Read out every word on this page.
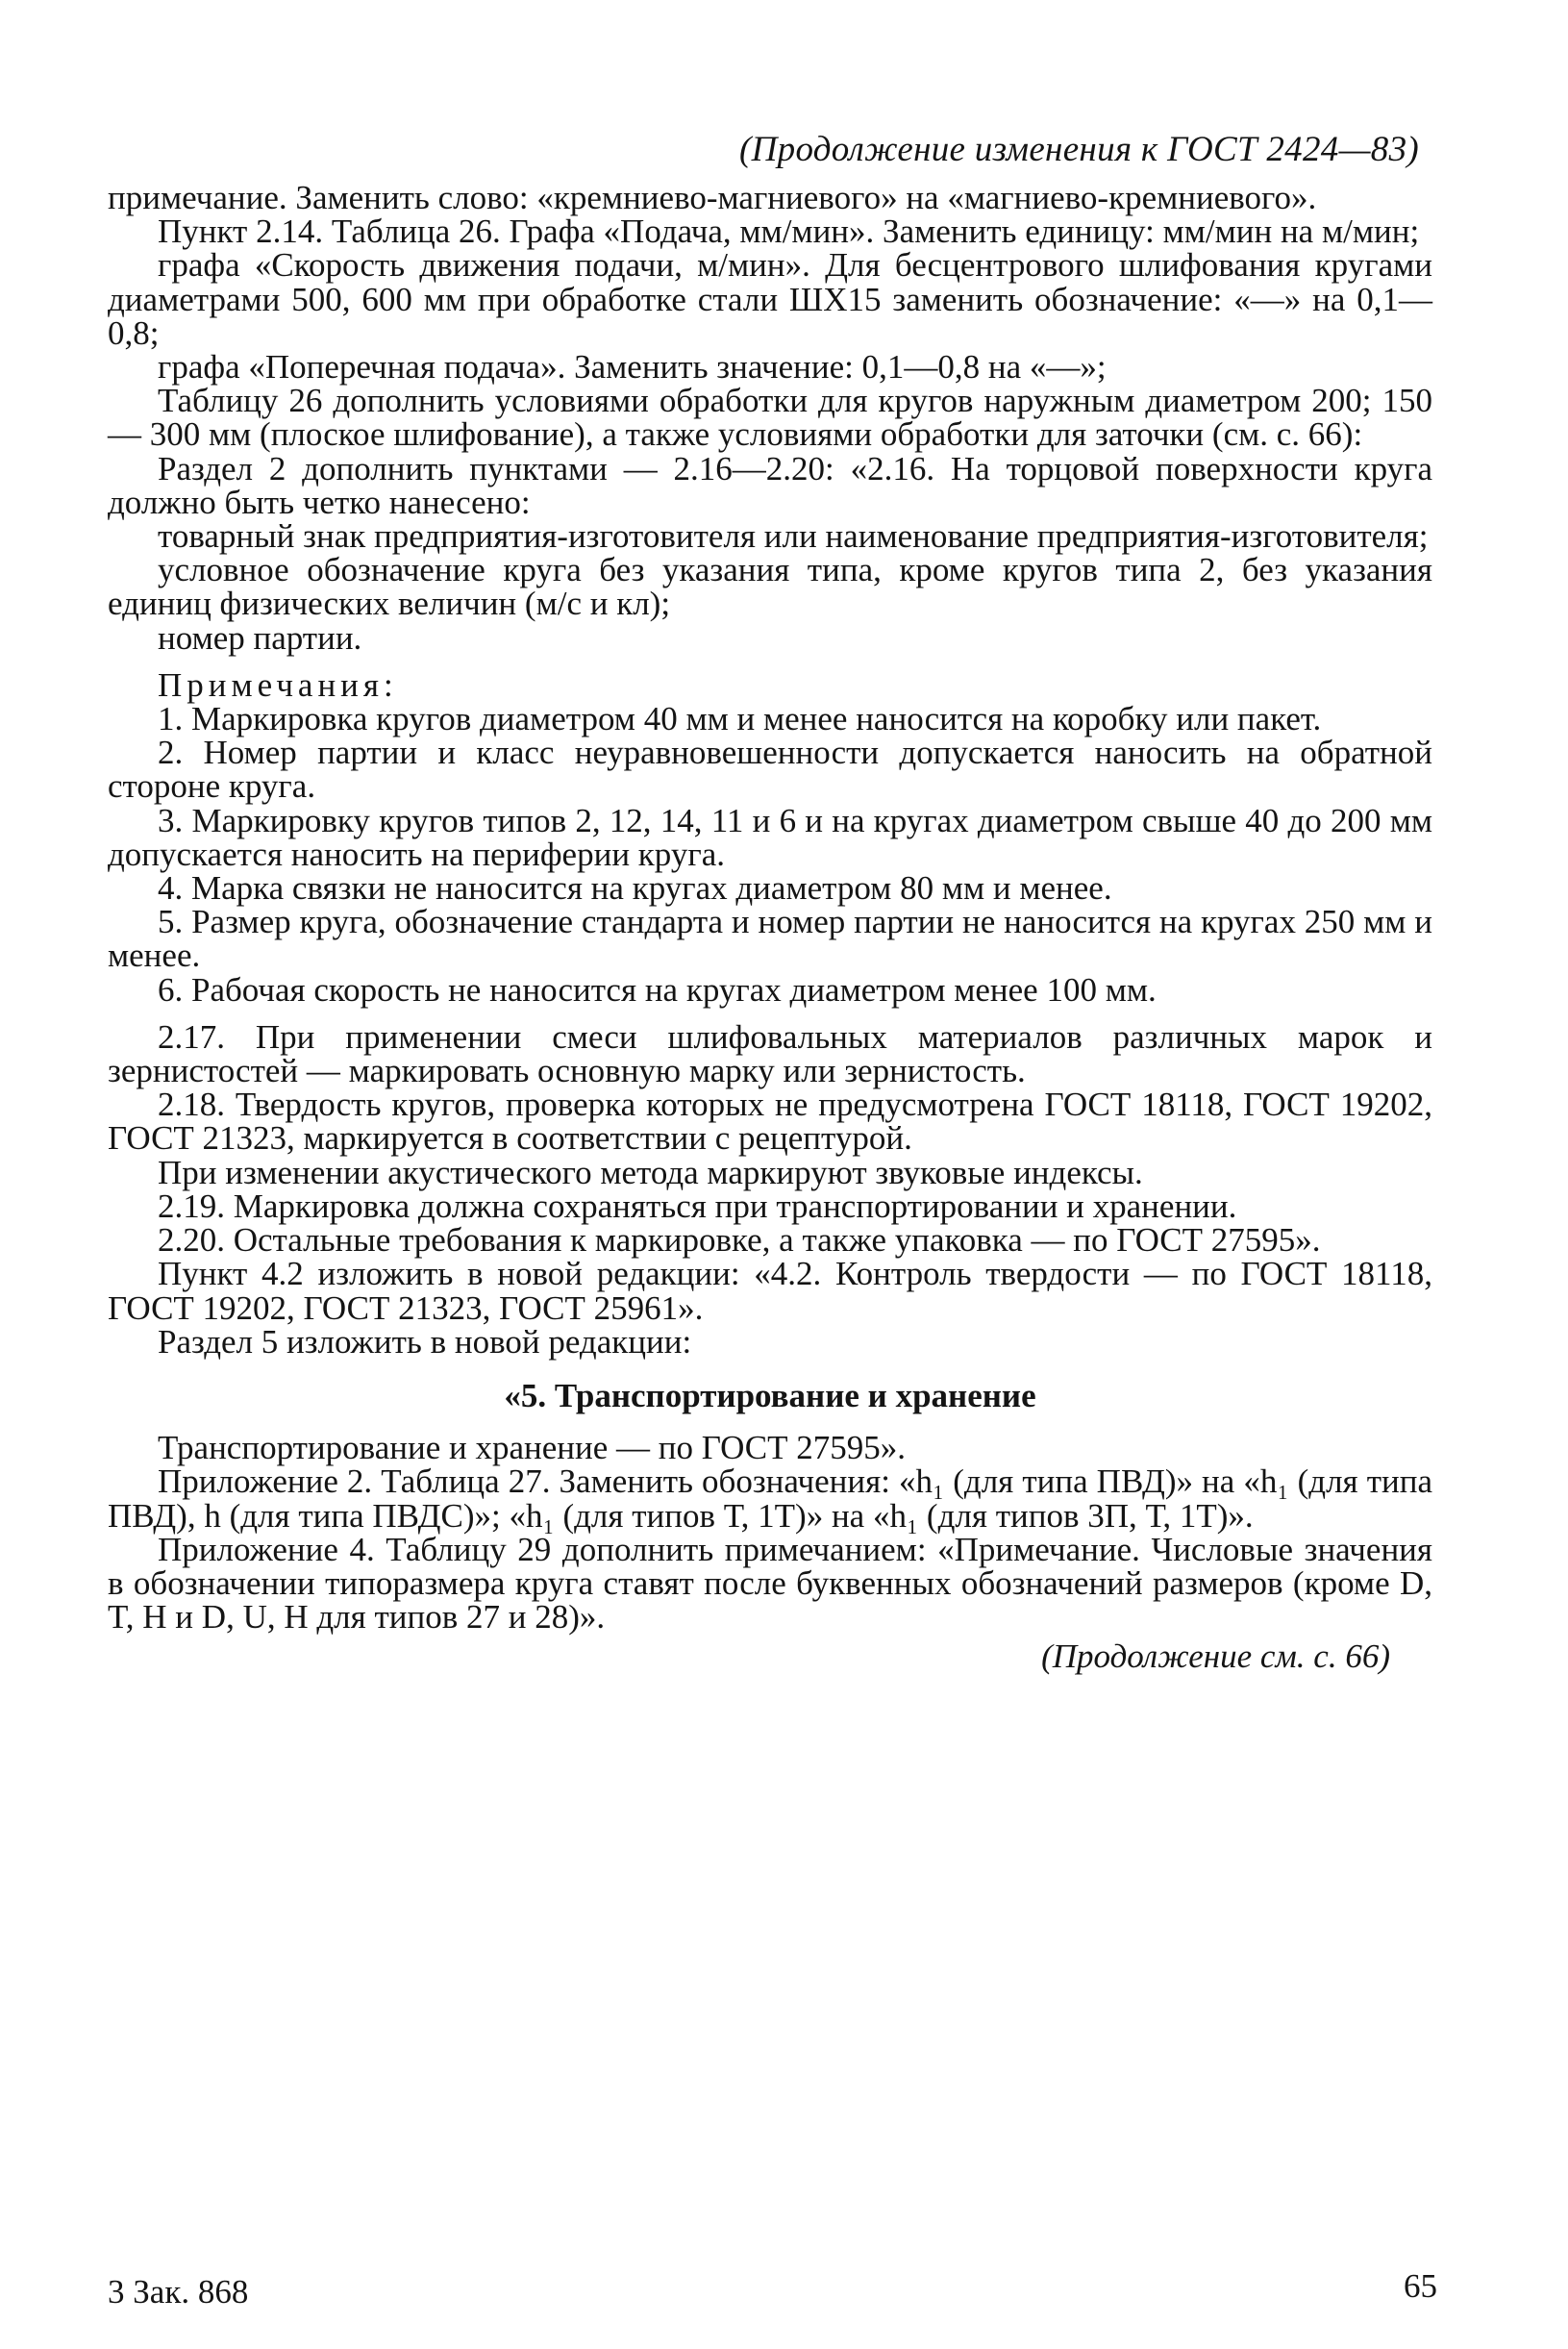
(Продолжение изменения к ГОСТ 2424—83)

примечание. Заменить слово: «кремниево-магниевого» на «магниево-кремниевого».

Пункт 2.14. Таблица 26. Графа «Подача, мм/мин». Заменить единицу: мм/мин на м/мин;

графа «Скорость движения подачи, м/мин». Для бесцентрового шлифования кругами диаметрами 500, 600 мм при обработке стали ШХ15 заменить обозначение: «—» на 0,1—0,8;

графа «Поперечная подача». Заменить значение: 0,1—0,8 на «—»;

Таблицу 26 дополнить условиями обработки для кругов наружным диаметром 200; 150 — 300 мм (плоское шлифование), а также условиями обработки для заточки (см. с. 66):

Раздел 2 дополнить пунктами — 2.16—2.20: «2.16. На торцовой поверхности круга должно быть четко нанесено:

товарный знак предприятия-изготовителя или наименование предприятия-изготовителя;

условное обозначение круга без указания типа, кроме кругов типа 2, без указания единиц физических величин (м/с и кл);

номер партии.

Примечания:

1. Маркировка кругов диаметром 40 мм и менее наносится на коробку или пакет.

2. Номер партии и класс неуравновешенности допускается наносить на обратной стороне круга.

3. Маркировку кругов типов 2, 12, 14, 11 и 6 и на кругах диаметром свыше 40 до 200 мм допускается наносить на периферии круга.

4. Марка связки не наносится на кругах диаметром 80 мм и менее.

5. Размер круга, обозначение стандарта и номер партии не наносится на кругах 250 мм и менее.

6. Рабочая скорость не наносится на кругах диаметром менее 100 мм.

2.17. При применении смеси шлифовальных материалов различных марок и зернистостей — маркировать основную марку или зернистость.

2.18. Твердость кругов, проверка которых не предусмотрена ГОСТ 18118, ГОСТ 19202, ГОСТ 21323, маркируется в соответствии с рецептурой.

При изменении акустического метода маркируют звуковые индексы.

2.19. Маркировка должна сохраняться при транспортировании и хранении.

2.20. Остальные требования к маркировке, а также упаковка — по ГОСТ 27595».

Пункт 4.2 изложить в новой редакции: «4.2. Контроль твердости — по ГОСТ 18118, ГОСТ 19202, ГОСТ 21323, ГОСТ 25961».

Раздел 5 изложить в новой редакции:

«5. Транспортирование и хранение

Транспортирование и хранение — по ГОСТ 27595».

Приложение 2. Таблица 27. Заменить обозначения: «h₁ (для типа ПВД)» на «h₁ (для типа ПВД), h (для типа ПВДС)»; «h₁ (для типов Т, 1Т)» на «h₁ (для типов 3П, Т, 1Т)».

Приложение 4. Таблицу 29 дополнить примечанием: «Примечание. Числовые значения в обозначении типоразмера круга ставят после буквенных обозначений размеров (кроме D, T, H и D, U, H для типов 27 и 28)».

(Продолжение см. с. 66)

3 Зак. 868	65
